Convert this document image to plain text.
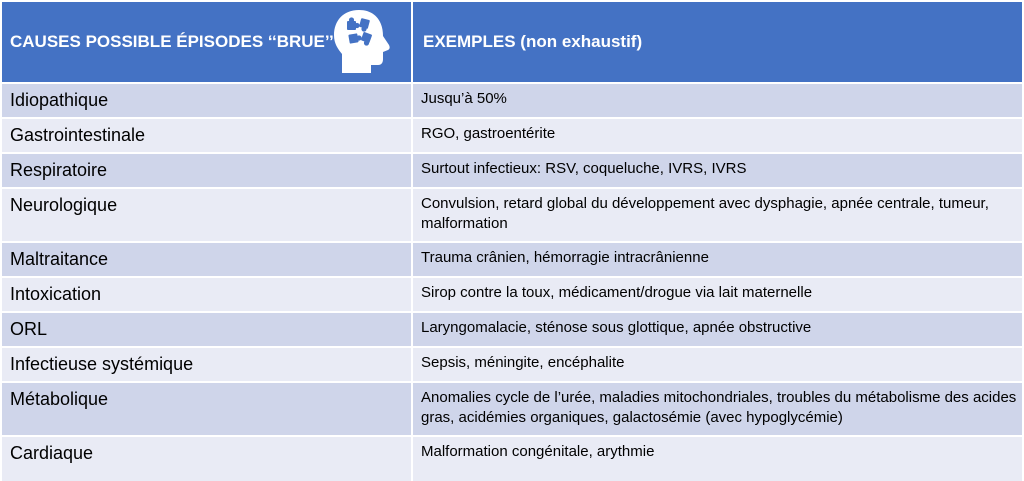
CAUSES POSSIBLE ÉPISODES ‘‘BRUE’’	EXEMPLES (non exhaustif)
Idiopathique	Jusqu’à 50%
Gastrointestinale	RGO, gastroentérite
Respiratoire	Surtout infectieux: RSV, coqueluche, IVRS, IVRS
Neurologique	Convulsion, retard global du développement avec dysphagie, apnée centrale, tumeur, malformation
Maltraitance	Trauma crânien, hémorragie intracrânienne
Intoxication	Sirop contre la toux, médicament/drogue via lait maternelle
ORL	Laryngomalacie, sténose sous glottique, apnée obstructive
Infectieuse systémique	Sepsis, méningite, encéphalite
Métabolique	Anomalies cycle de l’urée, maladies mitochondriales, troubles du métabolisme des acides gras, acidémies organiques, galactosémie (avec hypoglycémie)
Cardiaque	Malformation congénitale, arythmie
